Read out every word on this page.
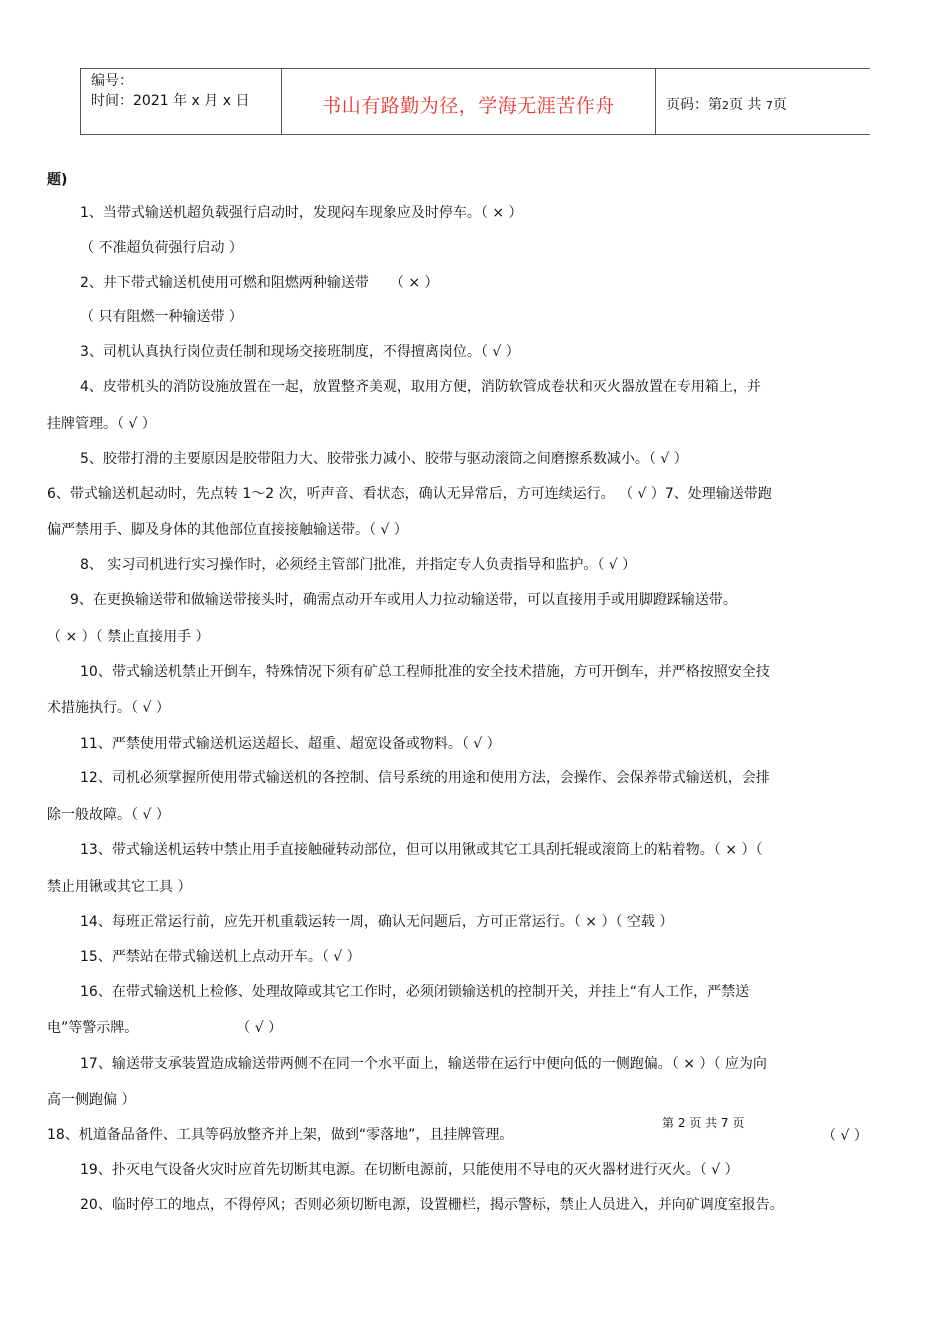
编号：
时间：2021 年 x 月 x 日	书山有路勤为径，学海无涯苦作舟	页码：第2页 共 7页
题)
1、当带式输送机超负载强行启动时，发现闷车现象应及时停车。（ × ）
（ 不准超负荷强行启动 ）
2、井下带式输送机使用可燃和阻燃两种输送带　　（ × ）
（ 只有阻燃一种输送带 ）
3、司机认真执行岗位责任制和现场交接班制度，不得擅离岗位。（ √ ）
4、皮带机头的消防设施放置在一起，放置整齐美观，取用方便，消防软管成卷状和灭火器放置在专用箱上，并
挂牌管理。（ √ ）
5、胶带打滑的主要原因是胶带阻力大、胶带张力减小、胶带与驱动滚筒之间磨擦系数减小。（ √ ）
6、带式输送机起动时，先点转 1～2 次，听声音、看状态，确认无异常后，方可连续运行。 （ √ ）7、处理输送带跑
偏严禁用手、脚及身体的其他部位直接接触输送带。（ √ ）
8、 实习司机进行实习操作时，必须经主管部门批准，并指定专人负责指导和监护。（ √ ）
9、在更换输送带和做输送带接头时，确需点动开车或用人力拉动输送带，可以直接用手或用脚蹬踩输送带。
（ × ）（ 禁止直接用手 ）
10、带式输送机禁止开倒车，特殊情况下须有矿总工程师批准的安全技术措施，方可开倒车，并严格按照安全技
术措施执行。（ √ ）
11、严禁使用带式输送机运送超长、超重、超宽设备或物料。（ √ ）
12、司机必须掌握所使用带式输送机的各控制、信号系统的用途和使用方法，会操作、会保养带式输送机，会排
除一般故障。（ √ ）
13、带式输送机运转中禁止用手直接触碰转动部位，但可以用锹或其它工具刮托辊或滚筒上的粘着物。（ × ）（
禁止用锹或其它工具 ）
14、每班正常运行前，应先开机重载运转一周，确认无问题后，方可正常运行。（ × ）（ 空载 ）
15、严禁站在带式输送机上点动开车。（ √ ）
16、在带式输送机上检修、处理故障或其它工作时，必须闭锁输送机的控制开关，并挂上“有人工作，严禁送
电”等警示牌。　　　　　　　　（ √ ）
17、输送带支承装置造成输送带两侧不在同一个水平面上，输送带在运行中便向低的一侧跑偏。（ × ）（ 应为向
高一侧跑偏 ）
18、机道备品备件、工具等码放整齐并上架，做到“零落地”，且挂牌管理。	（ √ ）
19、扑灭电气设备火灾时应首先切断其电源。在切断电源前，只能使用不导电的灭火器材进行灭火。（ √ ）
20、临时停工的地点，不得停风；否则必须切断电源，设置栅栏，揭示警标，禁止人员进入，并向矿调度室报告。
第 2 页 共 7 页
